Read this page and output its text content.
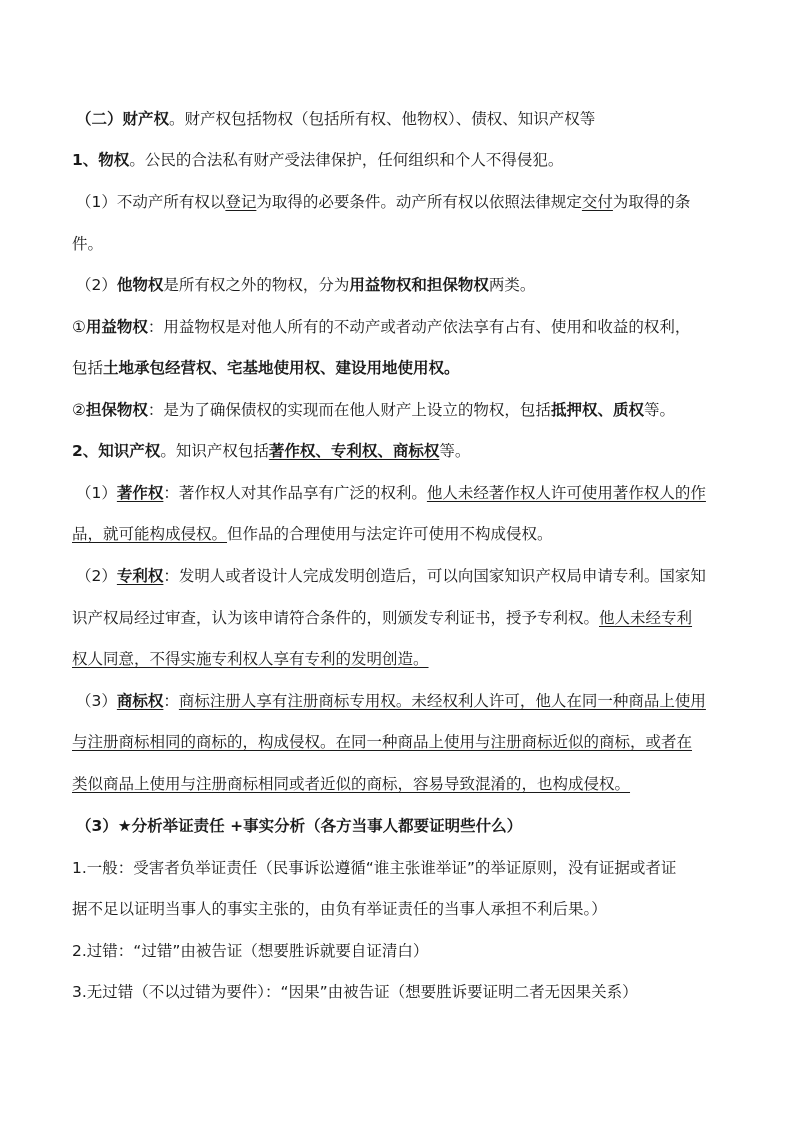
（二）财产权。财产权包括物权（包括所有权、他物权）、债权、知识产权等
1、物权。公民的合法私有财产受法律保护，任何组织和个人不得侵犯。
（1）不动产所有权以登记为取得的必要条件。动产所有权以依照法律规定交付为取得的条
件。
（2）他物权是所有权之外的物权，分为用益物权和担保物权两类。
①用益物权：用益物权是对他人所有的不动产或者动产依法享有占有、使用和收益的权利，
包括土地承包经营权、宅基地使用权、建设用地使用权。
②担保物权：是为了确保债权的实现而在他人财产上设立的物权，包括抵押权、质权等。
2、知识产权。知识产权包括著作权、专利权、商标权等。
（1）著作权：著作权人对其作品享有广泛的权利。他人未经著作权人许可使用著作权人的作
品，就可能构成侵权。但作品的合理使用与法定许可使用不构成侵权。
（2）专利权：发明人或者设计人完成发明创造后，可以向国家知识产权局申请专利。国家知
识产权局经过审查，认为该申请符合条件的，则颁发专利证书，授予专利权。他人未经专利
权人同意，不得实施专利权人享有专利的发明创造。
（3）商标权：商标注册人享有注册商标专用权。未经权利人许可，他人在同一种商品上使用
与注册商标相同的商标的，构成侵权。在同一种商品上使用与注册商标近似的商标，或者在
类似商品上使用与注册商标相同或者近似的商标，容易导致混淆的，也构成侵权。
（3）★分析举证责任 +事实分析（各方当事人都要证明些什么）
1.一般：受害者负举证责任（民事诉讼遵循“谁主张谁举证”的举证原则，没有证据或者证
据不足以证明当事人的事实主张的，由负有举证责任的当事人承担不利后果。）
2.过错：“过错”由被告证（想要胜诉就要自证清白）
3.无过错（不以过错为要件）：“因果”由被告证（想要胜诉要证明二者无因果关系）
